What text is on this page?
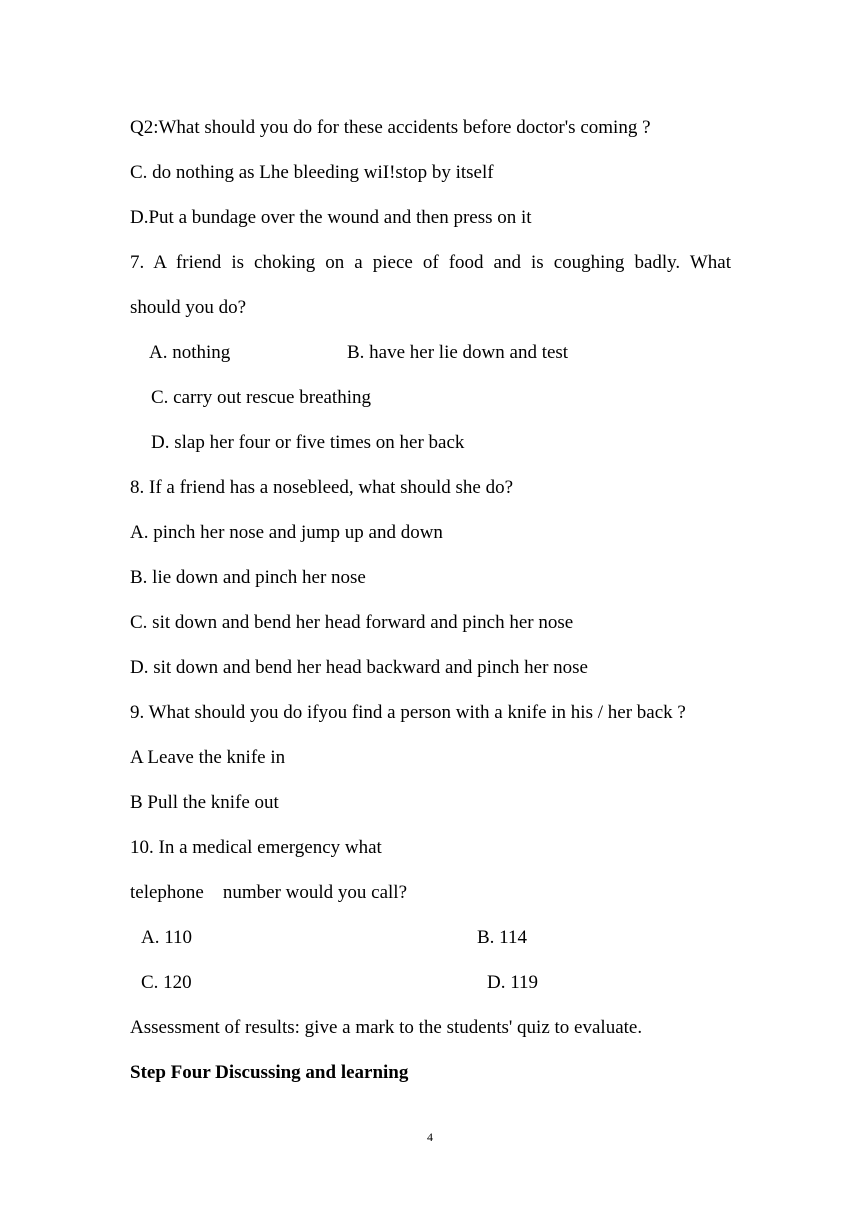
Q2:What should you do for these accidents before doctor's coming ?
C. do nothing as Lhe bleeding wiI!stop by itself
D.Put a bundage over the wound and then press on it
7. A friend is choking on a piece of food and is coughing badly. What
should you do?
A. nothing	B. have her lie down and test
C. carry out rescue breathing
D. slap her four or five times on her back
8. If a friend has a nosebleed, what should she do?
A. pinch her nose and jump up and down
B. lie down and pinch her nose
C. sit down and bend her head forward and pinch her nose
D. sit down and bend her head backward and pinch her nose
9. What should you do ifyou find a person with a knife in his / her back ?
A Leave the knife in
B Pull the knife out
10. In a medical emergency what
telephone    number would you call?
A. 110	B. 114
C. 120	D. 119
Assessment of results: give a mark to the students' quiz to evaluate.
Step Four Discussing and learning
4
